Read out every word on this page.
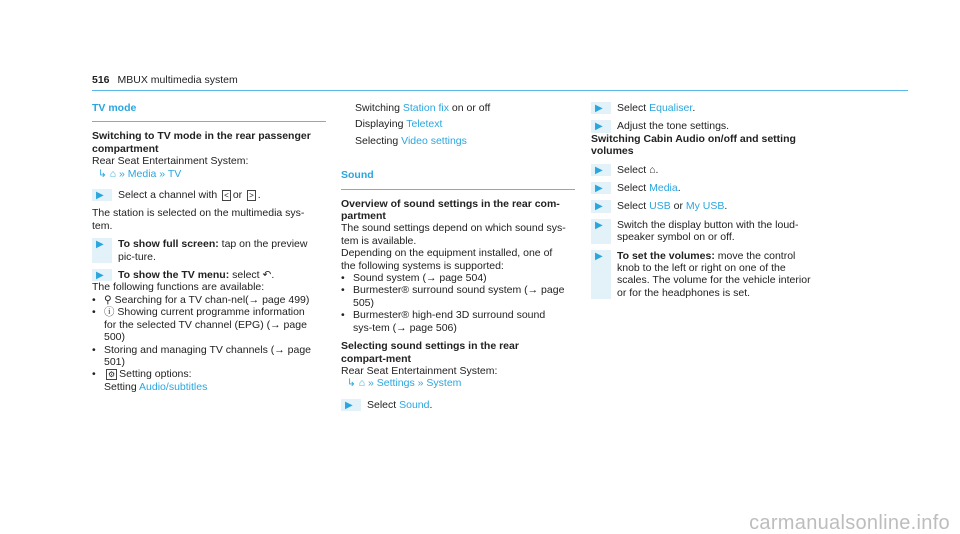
516 MBUX multimedia system
TV mode
Switching to TV mode in the rear passenger compartment
Rear Seat Entertainment System:
↳ ⌂ » Media » TV
▶	Select a channel with < or > .
The station is selected on the multimedia sys-tem.
▶	To show full screen: tap on the preview pic-ture.
▶	To show the TV menu: select ↶.
The following functions are available:
• ⚲ Searching for a TV chan-nel(→ page 499)
• ⓘ Showing current programme information for the selected TV channel (EPG) (→ page 500)
• Storing and managing TV channels (→ page 501)
•	⚙ Setting options:
Setting Audio/subtitles
Switching Station fix on or off
Displaying Teletext
Selecting Video settings
Sound
Overview of sound settings in the rear com-partment
The sound settings depend on which sound sys-tem is available.
Depending on the equipment installed, one of the following systems is supported:
• Sound system (→ page 504)
• Burmester® surround sound system (→ page 505)
• Burmester® high-end 3D surround sound sys-tem (→ page 506)
Selecting sound settings in the rear compart-ment
Rear Seat Entertainment System:
↳ ⌂ » Settings » System
▶	Select Sound.
▶	Select Equaliser.
▶	Adjust the tone settings.
Switching Cabin Audio on/off and setting volumes
▶	Select ⌂.
▶	Select Media.
▶	Select USB or My USB.
▶	Switch the display button with the loud-speaker symbol on or off.
▶	To set the volumes: move the control knob to the left or right on one of the scales. The volume for the vehicle interior or for the headphones is set.
carmanualsonline.info
